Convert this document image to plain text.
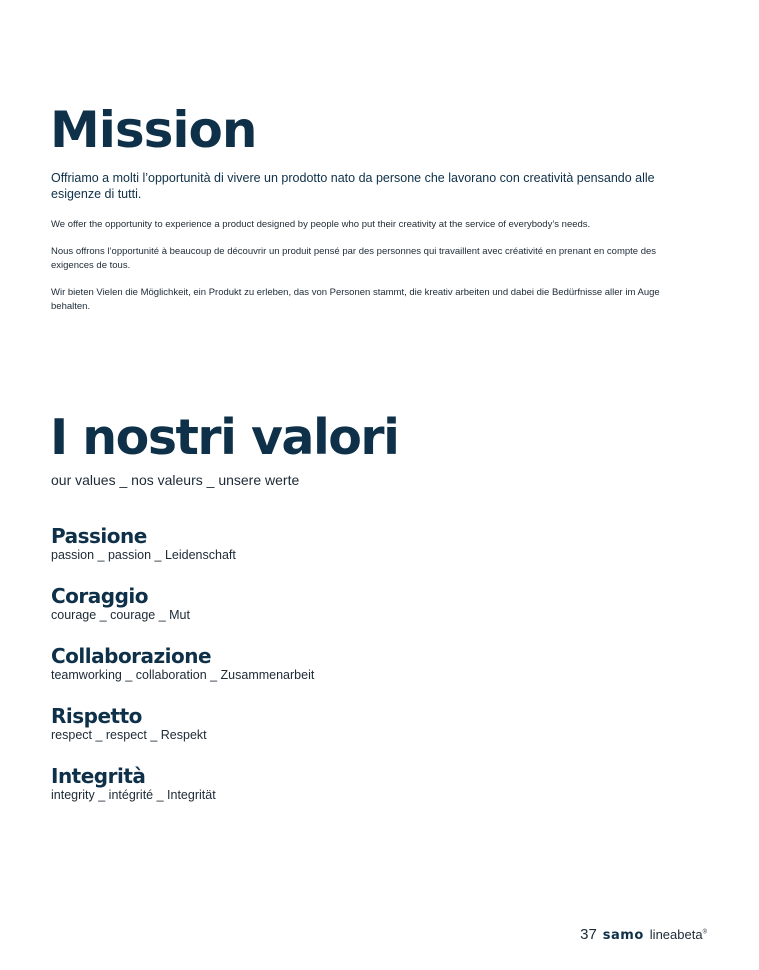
Mission

Offriamo a molti l’opportunità di vivere un prodotto nato da persone che lavorano con creatività pensando alle esigenze di tutti.

We offer the opportunity to experience a product designed by people who put their creativity at the service of everybody’s needs.

Nous offrons l’opportunité à beaucoup de découvrir un produit pensé par des personnes qui travaillent avec créativité en prenant en compte des exigences de tous.

Wir bieten Vielen die Möglichkeit, ein Produkt zu erleben, das von Personen stammt, die kreativ arbeiten und dabei die Bedürfnisse aller im Auge behalten.

I nostri valori

our values _ nos valeurs _ unsere werte

Passione

passion _ passion _ Leidenschaft

Coraggio

courage _ courage _ Mut

Collaborazione

teamworking _ collaboration _ Zusammenarbeit

Rispetto

respect _ respect _ Respekt

Integrità

integrity _ intégrité _ Integrität

37 samo lineabeta®
